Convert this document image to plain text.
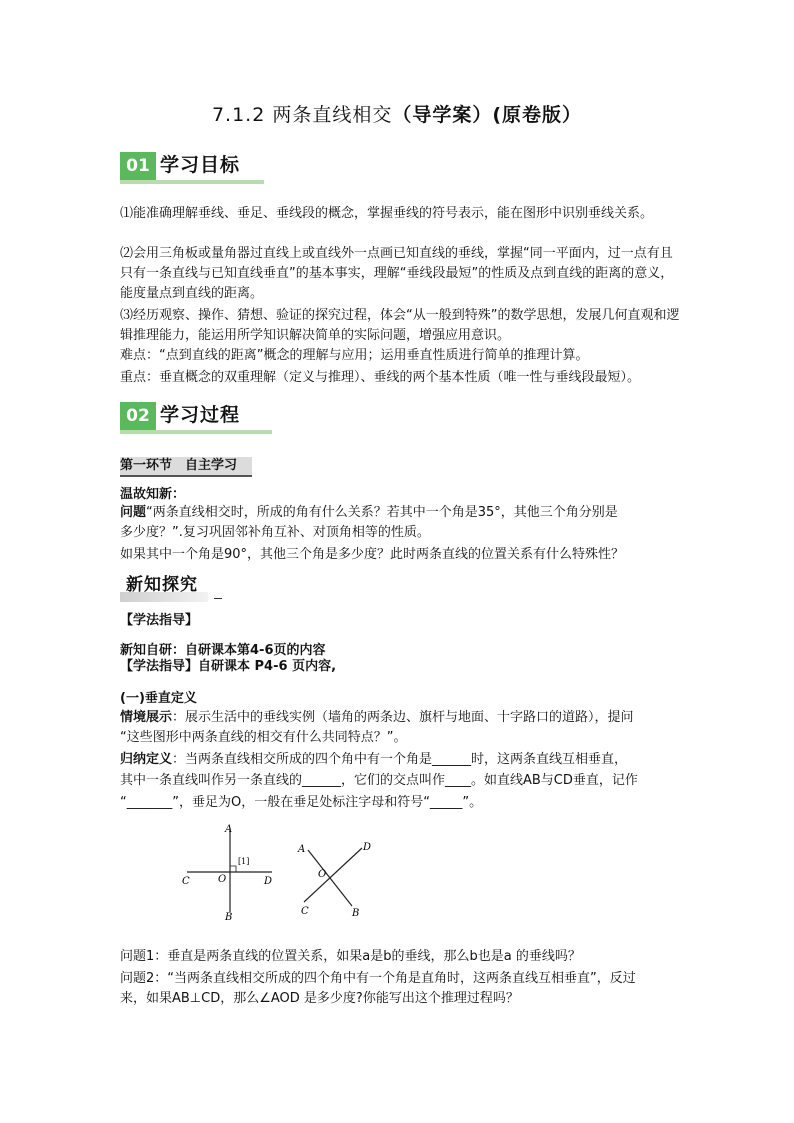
7.1.2 两条直线相交（导学案）(原卷版）
01 学习目标
⑴能准确理解垂线、垂足、垂线段的概念，掌握垂线的符号表示，能在图形中识别垂线关系。
⑵会用三角板或量角器过直线上或直线外一点画已知直线的垂线，掌握“同一平面内，过一点有且只有一条直线与已知直线垂直”的基本事实，理解“垂线段最短”的性质及点到直线的距离的意义，能度量点到直线的距离。
⑶经历观察、操作、猜想、验证的探究过程，体会“从一般到特殊”的数学思想，发展几何直观和逻辑推理能力，能运用所学知识解决简单的实际问题，增强应用意识。
难点：“点到直线的距离”概念的理解与应用；运用垂直性质进行简单的推理计算。
重点：垂直概念的双重理解（定义与推理）、垂线的两个基本性质（唯一性与垂线段最短）。
02 学习过程
第一环节　自主学习
温故知新：
问题“两条直线相交时，所成的角有什么关系？若其中一个角是35°，其他三个角分别是
多少度？”.复习巩固邻补角互补、对顶角相等的性质。
如果其中一个角是90°，其他三个角是多少度？此时两条直线的位置关系有什么特殊性？
新知探究
【学法指导】
新知自研：自研课本第4-6页的内容
【学法指导】自研课本 P4-6 页内容,
(一)垂直定义
情境展示：展示生活中的垂线实例（墙角的两条边、旗杆与地面、十字路口的道路），提问
“这些图形中两条直线的相交有什么共同特点？”。
归纳定义：当两条直线相交所成的四个角中有一个角是______时，这两条直线互相垂直，
其中一条直线叫作另一条直线的______，它们的交点叫作____。如直线AB与CD垂直，记作
“_______”，垂足为O，一般在垂足处标注字母和符号“_____”。
A
B
C	D
O
[1]
A
B
C
D
O
问题1：垂直是两条直线的位置关系，如果a是b的垂线，那么b也是a 的垂线吗？
问题2：“当两条直线相交所成的四个角中有一个角是直角时，这两条直线互相垂直”，反过
来，如果AB⊥CD，那么∠AOD 是多少度?你能写出这个推理过程吗？
